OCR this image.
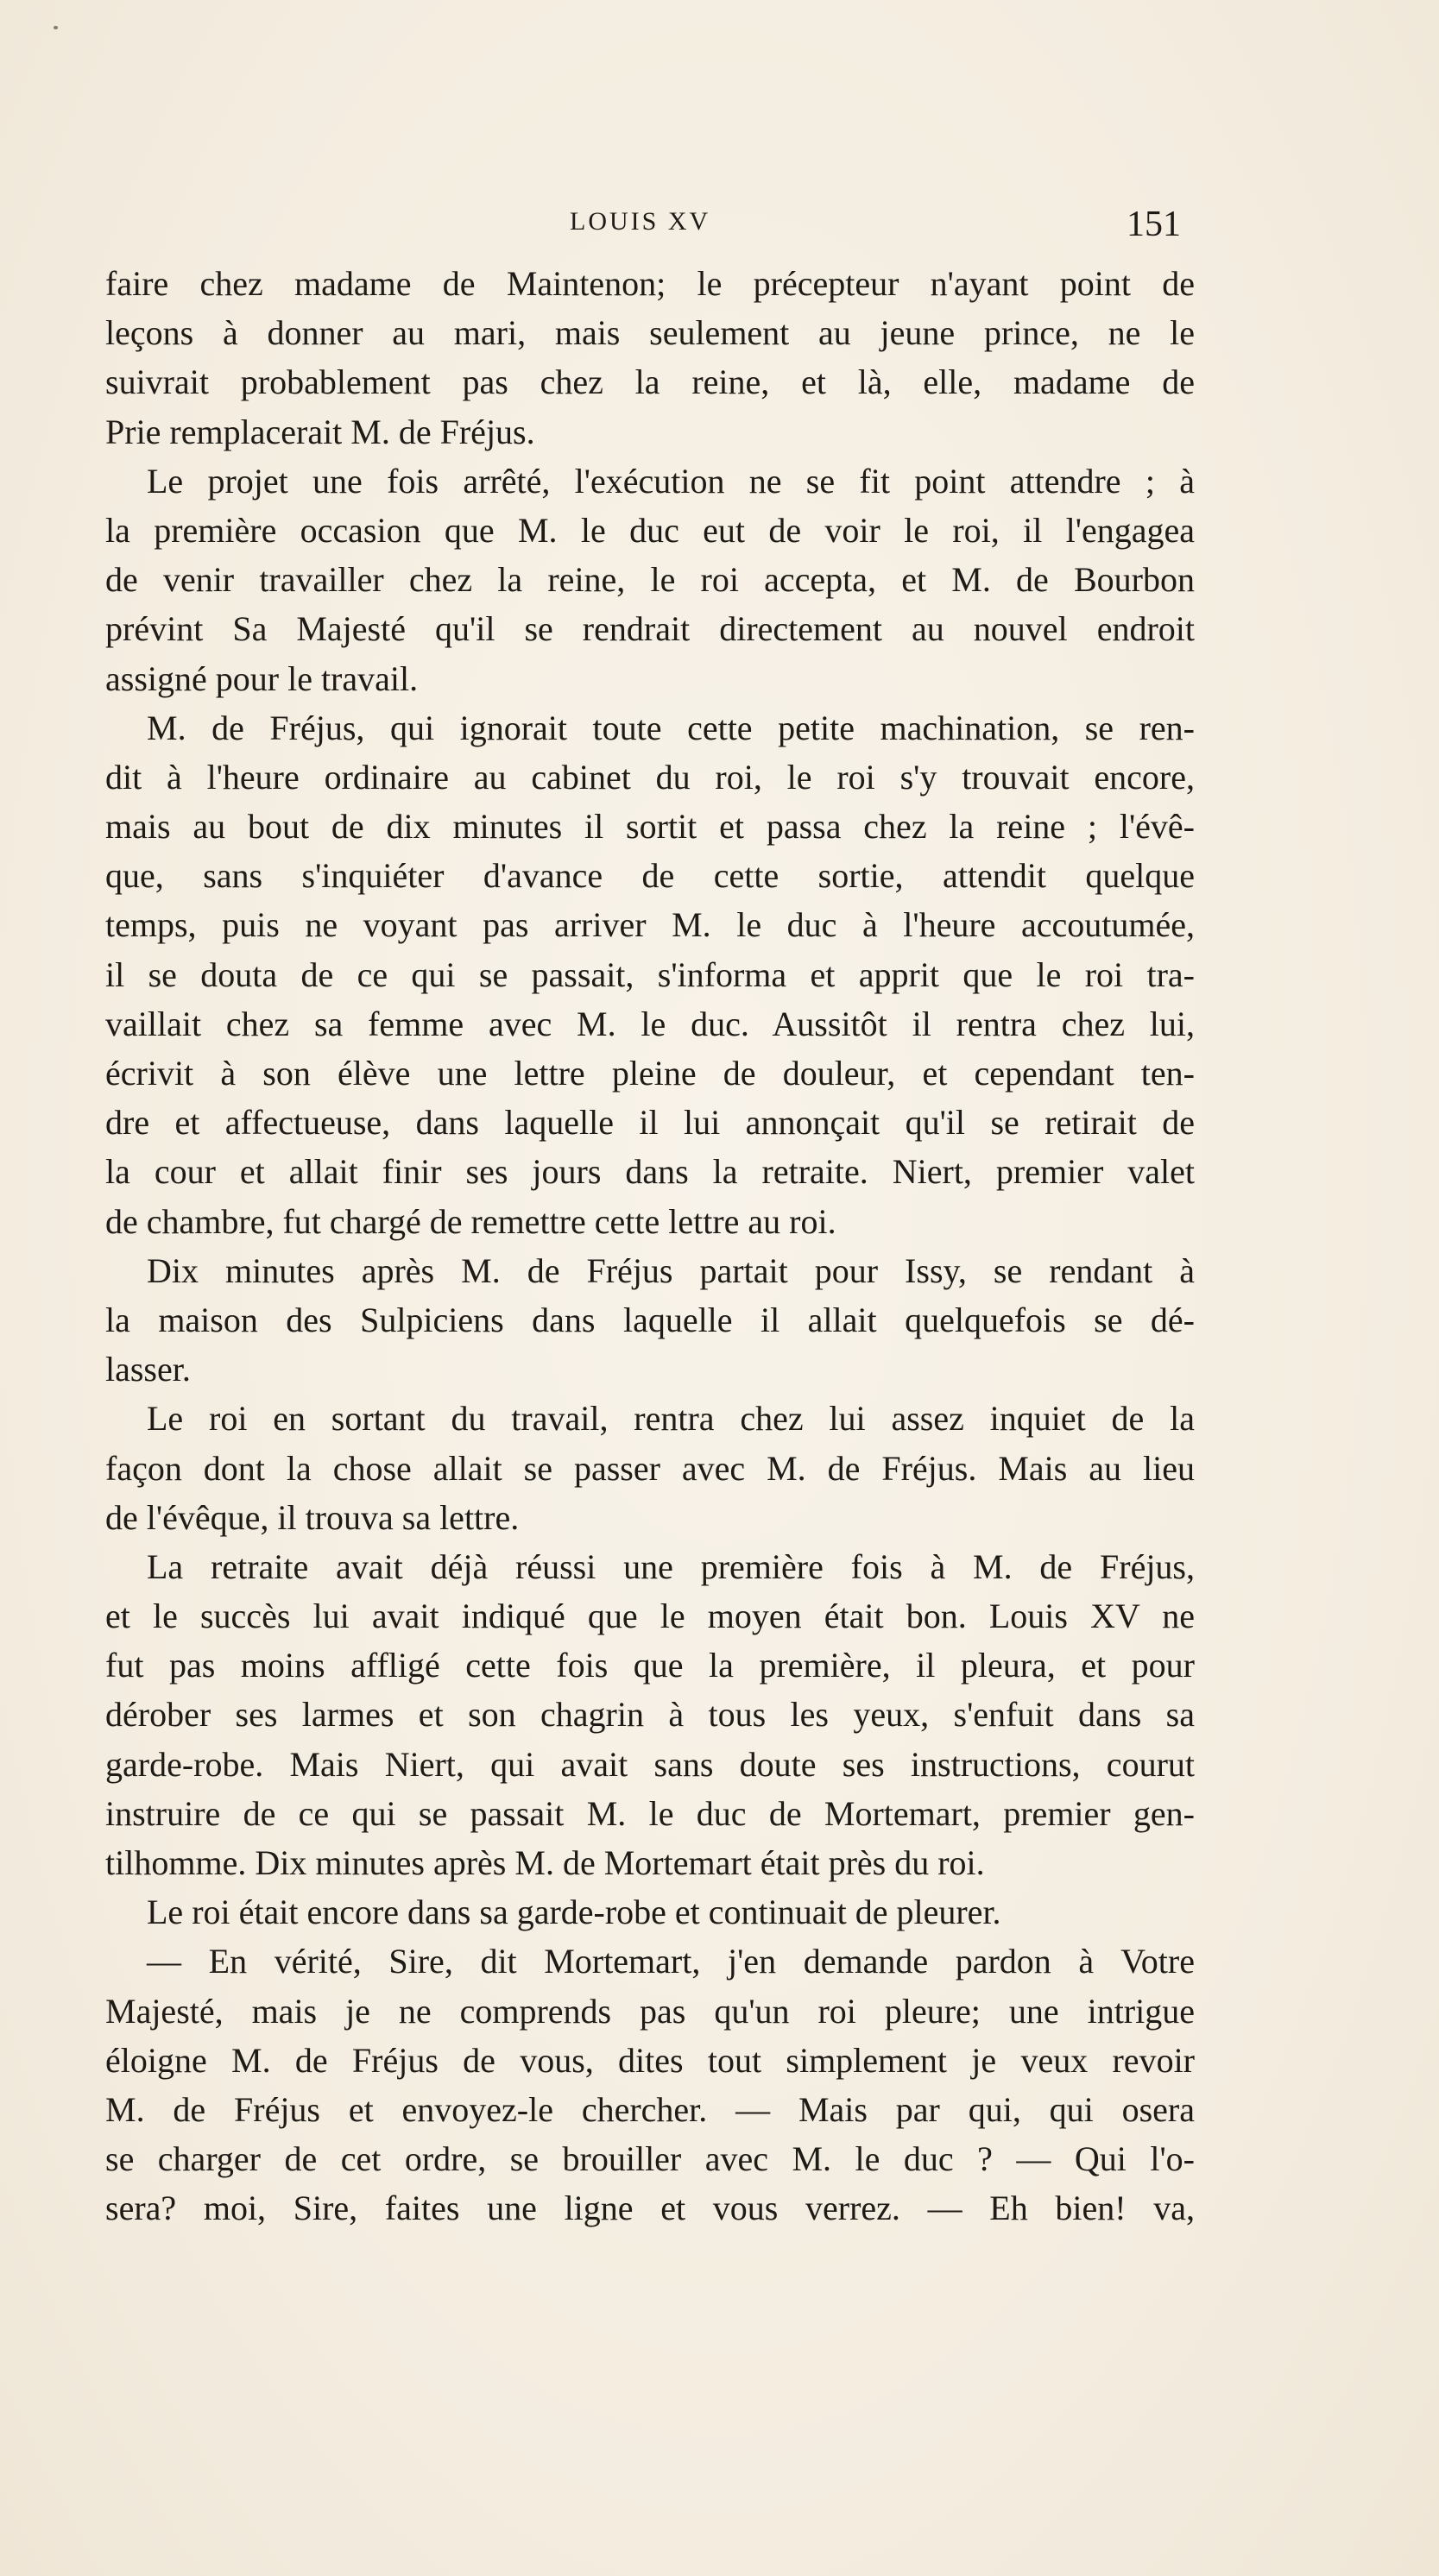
LOUIS XV	151
faire chez madame de Maintenon; le précepteur n'ayant point de
leçons à donner au mari, mais seulement au jeune prince, ne le
suivrait probablement pas chez la reine, et là, elle, madame de
Prie remplacerait M. de Fréjus.
Le projet une fois arrêté, l'exécution ne se fit point attendre ; à
la première occasion que M. le duc eut de voir le roi, il l'engagea
de venir travailler chez la reine, le roi accepta, et M. de Bourbon
prévint Sa Majesté qu'il se rendrait directement au nouvel endroit
assigné pour le travail.
M. de Fréjus, qui ignorait toute cette petite machination, se ren-
dit à l'heure ordinaire au cabinet du roi, le roi s'y trouvait encore,
mais au bout de dix minutes il sortit et passa chez la reine ; l'évê-
que, sans s'inquiéter d'avance de cette sortie, attendit quelque
temps, puis ne voyant pas arriver M. le duc à l'heure accoutumée,
il se douta de ce qui se passait, s'informa et apprit que le roi tra-
vaillait chez sa femme avec M. le duc. Aussitôt il rentra chez lui,
écrivit à son élève une lettre pleine de douleur, et cependant ten-
dre et affectueuse, dans laquelle il lui annonçait qu'il se retirait de
la cour et allait finir ses jours dans la retraite. Niert, premier valet
de chambre, fut chargé de remettre cette lettre au roi.
Dix minutes après M. de Fréjus partait pour Issy, se rendant à
la maison des Sulpiciens dans laquelle il allait quelquefois se dé-
lasser.
Le roi en sortant du travail, rentra chez lui assez inquiet de la
façon dont la chose allait se passer avec M. de Fréjus. Mais au lieu
de l'évêque, il trouva sa lettre.
La retraite avait déjà réussi une première fois à M. de Fréjus,
et le succès lui avait indiqué que le moyen était bon. Louis XV ne
fut pas moins affligé cette fois que la première, il pleura, et pour
dérober ses larmes et son chagrin à tous les yeux, s'enfuit dans sa
garde-robe. Mais Niert, qui avait sans doute ses instructions, courut
instruire de ce qui se passait M. le duc de Mortemart, premier gen-
tilhomme. Dix minutes après M. de Mortemart était près du roi.
Le roi était encore dans sa garde-robe et continuait de pleurer.
— En vérité, Sire, dit Mortemart, j'en demande pardon à Votre
Majesté, mais je ne comprends pas qu'un roi pleure; une intrigue
éloigne M. de Fréjus de vous, dites tout simplement je veux revoir
M. de Fréjus et envoyez-le chercher. — Mais par qui, qui osera
se charger de cet ordre, se brouiller avec M. le duc ? — Qui l'o-
sera? moi, Sire, faites une ligne et vous verrez. — Eh bien! va,
